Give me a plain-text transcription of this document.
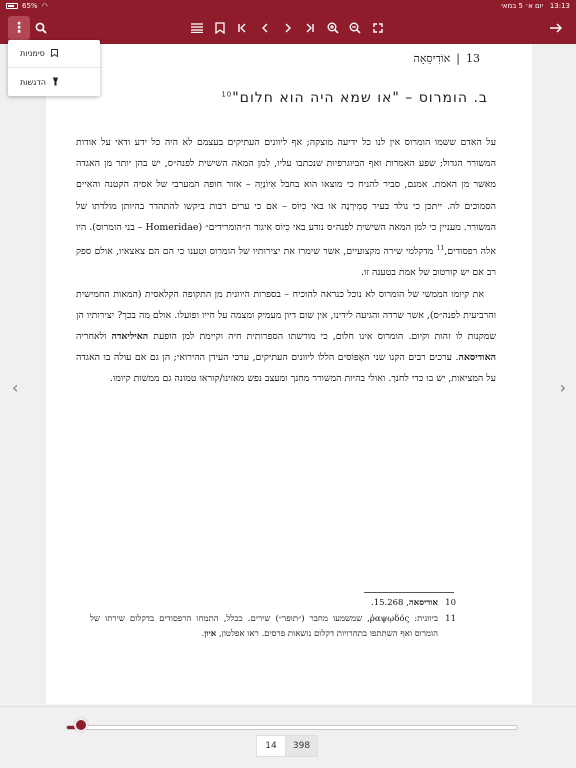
65% ◠	13:13   יום א׳ 5 במאי
⋮
סימניות
הדגשות
‹	›
13
|
אוֹדִיסֵאָה
ב. הומרוס – "או שמא היה הוא חלום"$^{10}$

על האדם ששמו הומרוס אין לנו כל ידיעה מוצקה; אף ליוונים העתיקים בעצמם לא היה כל ידע ודאי על אודות המשורר הגדול; שפע האמרות ואף הביוגרפיות שנכתבו עליו, למן המאה השישית לפנה״ס, יש בהן יותר מן האגדה מאשר מן האמת. אמנם, סביר להניח כי מוצאו הוא בחבל אִיוֹנְיָה – אזור חופה המערבי של אסיה הקטנה והאיים הסמוכים לה. ייתכן כי נולד בעיר סְמִירְנָה או באי כִיוֹס – אם כי ערים רבות ביקשו להתהדר בהיותן מולדתו של המשורר. מעניין כי למן המאה השישית לפנה״ס נודע באי כִיוֹס איגוד ה״הומרידים״ (Homeridae – בני הומרוס). היו אלה רפסודים,$^{11}$ מדקלמי שירה מקצועיים, אשר שימרו את יצירותיו של הומרוס וטענו כי הם הם צאצאיו, אולם ספק רב אם יש קורטוב של אמת בטענה זו.

את קיומו הממשי של הומרוס לא נוכל כנראה להוכיח – בספרות היוונית מן התקופה הקלאסית (המאות החמישית והרביעית לפנה״ס), אשר שרדה והגיעה לידינו, אין שום דיון מעמיק ומצמה על חייו ופועלו. אולם מה בכך? יצירותיו הן שמקנות לו זהות וקיום. הומרוס אינו חלום, כי מורשתו הספרותית חיה וקיימת למן הופעת האיליאדה ולאחריה האודיסאה. ערכים רבים הקנו שני האֶפּוֹסים הללו ליוונים העתיקים, ערכי העידן ההירואי; הן גם אם עולה בו האגדה על המציאות, יש בו כדי לחנך. ואולי בהיות המשורר מחנך ומעצב נפש מאזינו/קוראו טמונה גם ממשות קיומו.

10
אודיסאה, 15.268.
11
ביוונית: ῥαψῳδός, שמשמעו מחבר (״תופר״) שירים. ככלל, התמחו הרפסודים בדקלום שירתו של הומרוס ואף השתתפו בתחרויות דקלום נושאות פרסים. ראו אפלטון, איון.
14	398
